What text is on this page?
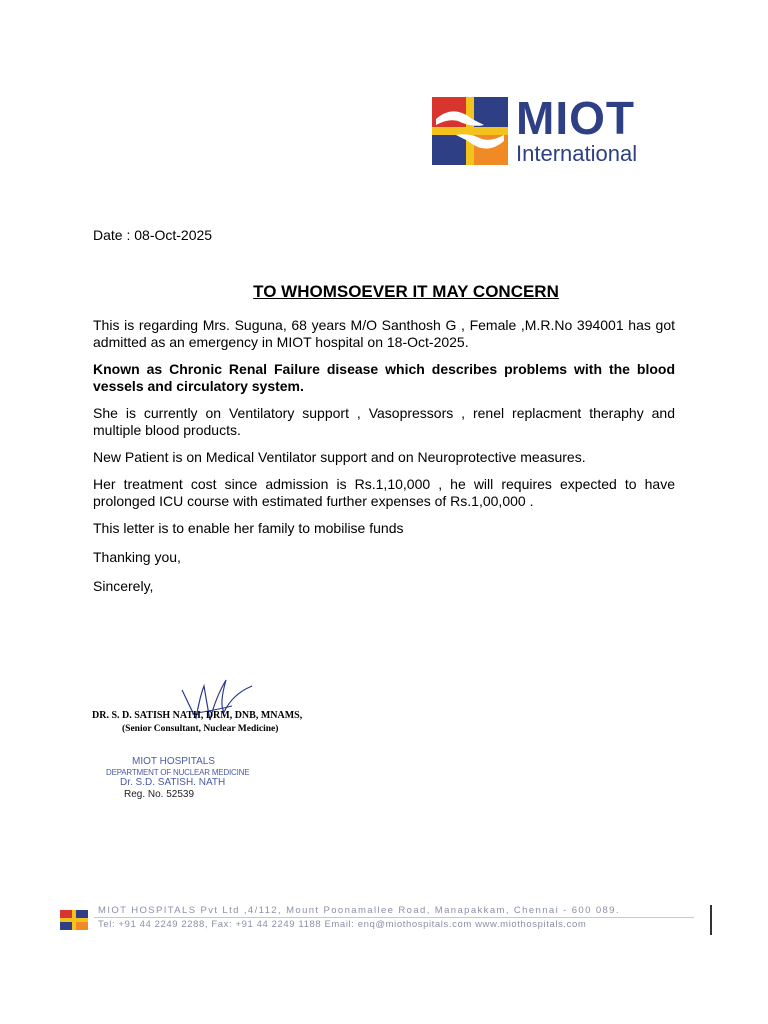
MIOT
International
Date : 08-Oct-2025
TO WHOMSOEVER IT MAY CONCERN

This is regarding Mrs. Suguna, 68 years M/O Santhosh G , Female ,M.R.No 394001 has got admitted as an emergency in MIOT hospital on 18-Oct-2025.

Known as Chronic Renal Failure disease which describes problems with the blood vessels and circulatory system.

She is currently on Ventilatory support , Vasopressors , renel replacment theraphy and multiple blood products.

New Patient is on Medical Ventilator support and on Neuroprotective measures.

Her treatment cost since admission is Rs.1,10,000 , he will requires expected to have prolonged ICU course with estimated further expenses of Rs.1,00,000 .

This letter is to enable her family to mobilise funds

Thanking you,

Sincerely,

DR. S. D. SATISH NATH, DRM, DNB, MNAMS,
(Senior Consultant, Nuclear Medicine)
MIOT HOSPITALS
DEPARTMENT OF NUCLEAR MEDICINE
Dr. S.D. SATISH. NATH
Reg. No. 52539
MIOT HOSPITALS Pvt Ltd ,4/112, Mount Poonamallee Road, Manapakkam, Chennai - 600 089.
Tel: +91 44 2249 2288, Fax: +91 44 2249 1188 Email: enq@miothospitals.com www.miothospitals.com
